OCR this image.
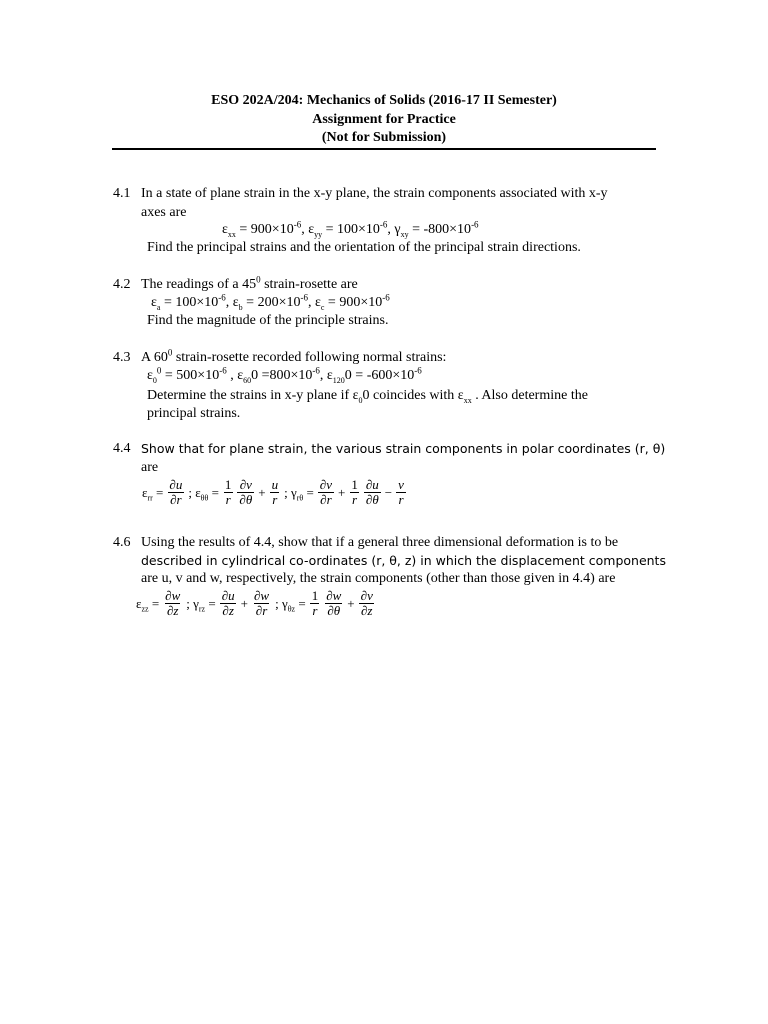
ESO 202A/204: Mechanics of Solids (2016-17 II Semester)
Assignment for Practice
(Not for Submission)
4.1 In a state of plane strain in the x-y plane, the strain components associated with x-y
axes are
$\varepsilon_{xx} = 900\times 10^{-6}$, $\varepsilon_{yy} = 100\times 10^{-6}$, $\gamma_{xy} = -800\times 10^{-6}$
Find the principal strains and the orientation of the principal strain directions.
4.2 The readings of a $45^0$ strain-rosette are
$\varepsilon_a = 100\times 10^{-6}$, $\varepsilon_b = 200\times 10^{-6}$, $\varepsilon_c = 900\times 10^{-6}$
Find the magnitude of the principle strains.
4.3 A $60^0$ strain-rosette recorded following normal strains:
$\varepsilon_0^0 = 500\times 10^{-6}$ , $\varepsilon_{60}0 =800\times 10^{-6}$, $\varepsilon_{120}0 = -600\times 10^{-6}$
Determine the strains in x-y plane if $\varepsilon_00$ coincides with $\varepsilon_{xx}$ . Also determine the
principal strains.
4.4 Show that for plane strain, the various strain components in polar coordinates (r, θ)
are
$\varepsilon_{rr} = \frac{\partial u}{\partial r}$ ; $\varepsilon_{\theta\theta} = \frac{1}{r} \frac{\partial v}{\partial\theta} + \frac{u}{r}$ ; $\gamma_{r\theta} = \frac{\partial v}{\partial r} + \frac{1}{r} \frac{\partial u}{\partial\theta} - \frac{v}{r}$
4.6 Using the results of 4.4, show that if a general three dimensional deformation is to be
described in cylindrical co-ordinates (r, θ, z) in which the displacement components
are u, v and w, respectively, the strain components (other than those given in 4.4) are
$\varepsilon_{zz} = \frac{\partial w}{\partial z}$ ; $\gamma_{rz} = \frac{\partial u}{\partial z} + \frac{\partial w}{\partial r}$ ; $\gamma_{\theta z} = \frac{1}{r} \frac{\partial w}{\partial\theta} + \frac{\partial v}{\partial z}$
